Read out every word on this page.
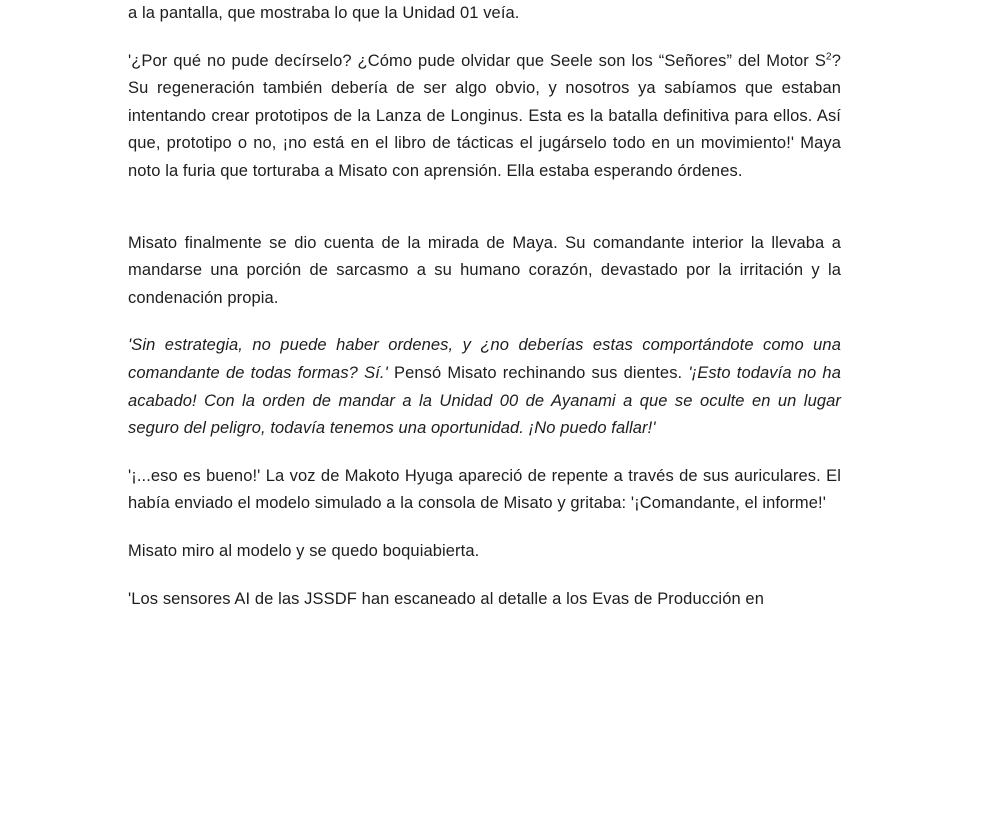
a la pantalla, que mostraba lo que la Unidad 01 veía.

'¿Por qué no pude decírselo? ¿Cómo pude olvidar que Seele son los “Señores” del Motor $S^2$? Su regeneración también debería de ser algo obvio, y nosotros ya sabíamos que estaban intentando crear prototipos de la Lanza de Longinus. Esta es la batalla definitiva para ellos. Así que, prototipo o no, ¡no está en el libro de tácticas el jugárselo todo en un movimiento!' Maya noto la furia que torturaba a Misato con aprensión. Ella estaba esperando órdenes.

Misato finalmente se dio cuenta de la mirada de Maya. Su comandante interior la llevaba a mandarse una porción de sarcasmo a su humano corazón, devastado por la irritación y la condenación propia.

'Sin estrategia, no puede haber ordenes, y ¿no deberías estas comportándote como una comandante de todas formas? Sí.' Pensó Misato rechinando sus dientes. '¡Esto todavía no ha acabado! Con la orden de mandar a la Unidad 00 de Ayanami a que se oculte en un lugar seguro del peligro, todavía tenemos una oportunidad. ¡No puedo fallar!'

'¡...eso es bueno!' La voz de Makoto Hyuga apareció de repente a través de sus auriculares. El había enviado el modelo simulado a la consola de Misato y gritaba: '¡Comandante, el informe!'

Misato miro al modelo y se quedo boquiabierta.

'Los sensores AI de las JSSDF han escaneado al detalle a los Evas de Producción en
